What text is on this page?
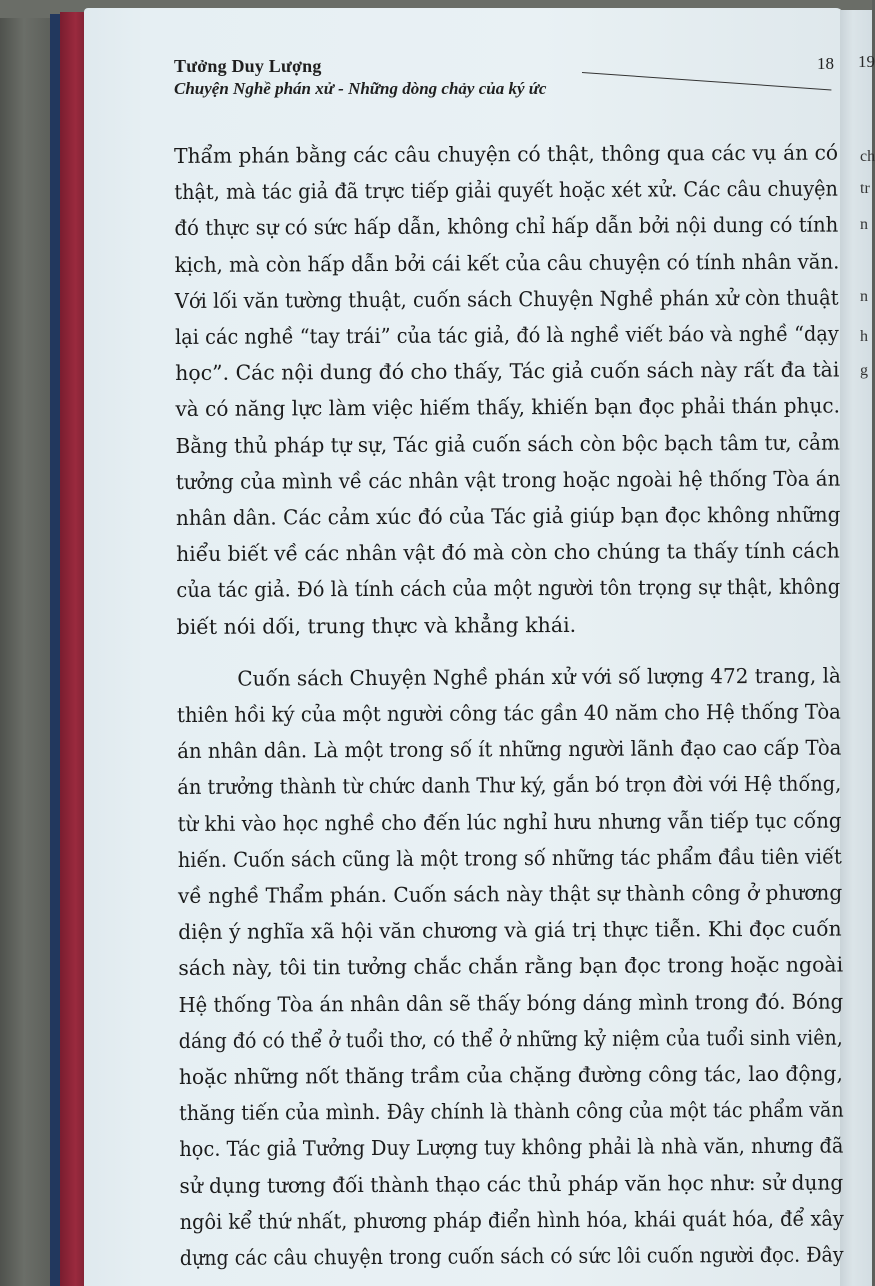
19
ch
tr
n
n
h
g
Tưởng Duy Lượng
Chuyện Nghề phán xử - Những dòng chảy của ký ức
18
Thẩm phán bằng các câu chuyện có thật, thông qua các vụ án có
thật, mà tác giả đã trực tiếp giải quyết hoặc xét xử. Các câu chuyện
đó thực sự có sức hấp dẫn, không chỉ hấp dẫn bởi nội dung có tính
kịch, mà còn hấp dẫn bởi cái kết của câu chuyện có tính nhân văn.
Với lối văn tường thuật, cuốn sách Chuyện Nghề phán xử còn thuật
lại các nghề “tay trái” của tác giả, đó là nghề viết báo và nghề “dạy
học”. Các nội dung đó cho thấy, Tác giả cuốn sách này rất đa tài
và có năng lực làm việc hiếm thấy, khiến bạn đọc phải thán phục.
Bằng thủ pháp tự sự, Tác giả cuốn sách còn bộc bạch tâm tư, cảm
tưởng của mình về các nhân vật trong hoặc ngoài hệ thống Tòa án
nhân dân. Các cảm xúc đó của Tác giả giúp bạn đọc không những
hiểu biết về các nhân vật đó mà còn cho chúng ta thấy tính cách
của tác giả. Đó là tính cách của một người tôn trọng sự thật, không
biết nói dối, trung thực và khẳng khái.
Cuốn sách Chuyện Nghề phán xử với số lượng 472 trang, là
thiên hồi ký của một người công tác gần 40 năm cho Hệ thống Tòa
án nhân dân. Là một trong số ít những người lãnh đạo cao cấp Tòa
án trưởng thành từ chức danh Thư ký, gắn bó trọn đời với Hệ thống,
từ khi vào học nghề cho đến lúc nghỉ hưu nhưng vẫn tiếp tục cống
hiến. Cuốn sách cũng là một trong số những tác phẩm đầu tiên viết
về nghề Thẩm phán. Cuốn sách này thật sự thành công ở phương
diện ý nghĩa xã hội văn chương và giá trị thực tiễn. Khi đọc cuốn
sách này, tôi tin tưởng chắc chắn rằng bạn đọc trong hoặc ngoài
Hệ thống Tòa án nhân dân sẽ thấy bóng dáng mình trong đó. Bóng
dáng đó có thể ở tuổi thơ, có thể ở những kỷ niệm của tuổi sinh viên,
hoặc những nốt thăng trầm của chặng đường công tác, lao động,
thăng tiến của mình. Đây chính là thành công của một tác phẩm văn
học. Tác giả Tưởng Duy Lượng tuy không phải là nhà văn, nhưng đã
sử dụng tương đối thành thạo các thủ pháp văn học như: sử dụng
ngôi kể thứ nhất, phương pháp điển hình hóa, khái quát hóa, để xây
dựng các câu chuyện trong cuốn sách có sức lôi cuốn người đọc. Đây
